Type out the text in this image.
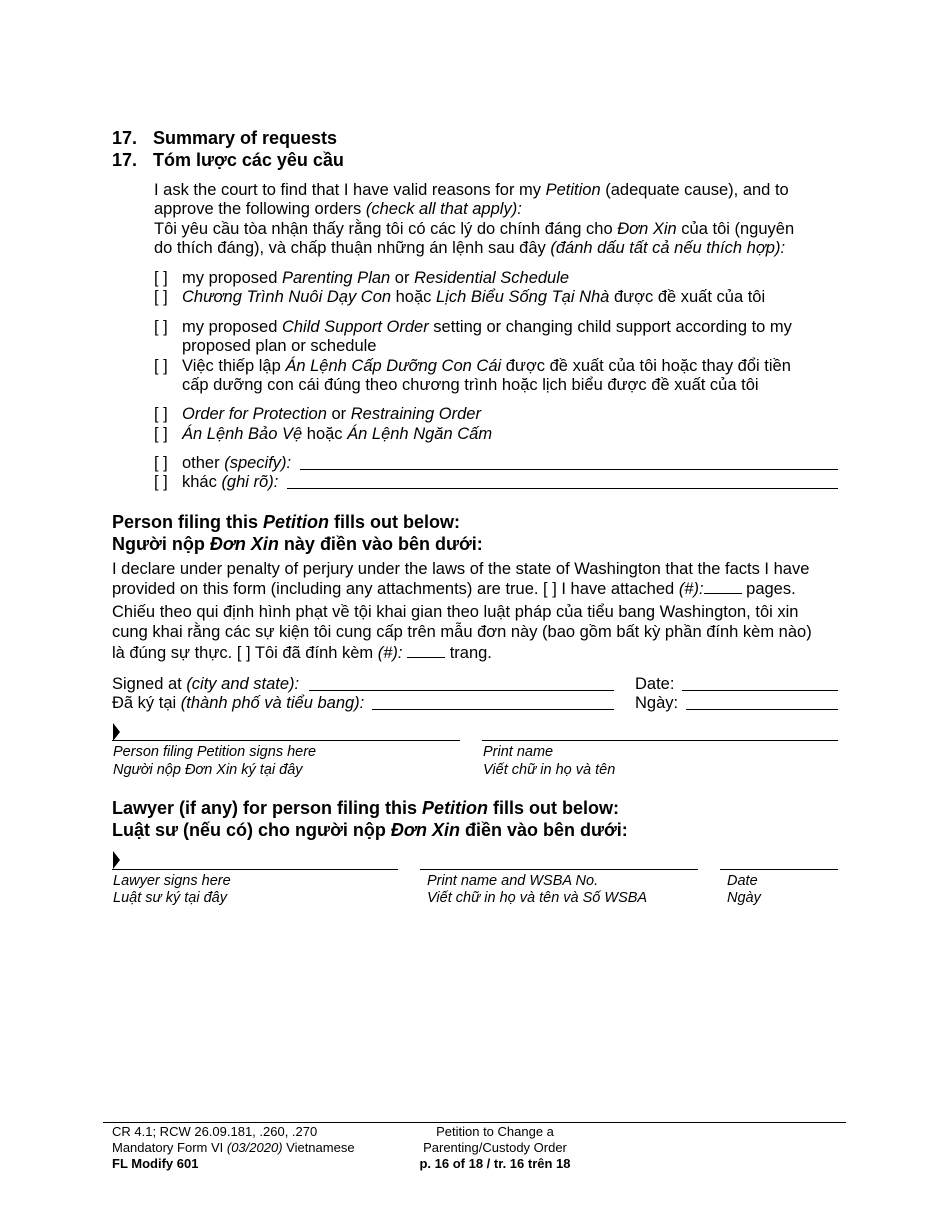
17. Summary of requests
17. Tóm lược các yêu cầu
I ask the court to find that I have valid reasons for my Petition (adequate cause), and to
approve the following orders (check all that apply):
Tôi yêu cầu tòa nhận thấy rằng tôi có các lý do chính đáng cho Đơn Xin của tôi (nguyên
do thích đáng), và chấp thuận những án lệnh sau đây (đánh dấu tất cả nếu thích hợp):
[ ] my proposed Parenting Plan or Residential Schedule
[ ] Chương Trình Nuôi Dạy Con hoặc Lịch Biểu Sống Tại Nhà được đề xuất của tôi
[ ] my proposed Child Support Order setting or changing child support according to my
proposed plan or schedule
[ ] Việc thiếp lập Án Lệnh Cấp Dưỡng Con Cái được đề xuất của tôi hoặc thay đổi tiền
cấp dưỡng con cái đúng theo chương trình hoặc lịch biểu được đề xuất của tôi
[ ] Order for Protection or Restraining Order
[ ] Án Lệnh Bảo Vệ hoặc Án Lệnh Ngăn Cấm
[ ] other (specify):
[ ] khác (ghi rõ):
Person filing this Petition fills out below:
Người nộp Đơn Xin này điền vào bên dưới:
I declare under penalty of perjury under the laws of the state of Washington that the facts I have
provided on this form (including any attachments) are true. [ ] I have attached (#): pages.
Chiếu theo qui định hình phạt về tội khai gian theo luật pháp của tiểu bang Washington, tôi xin
cung khai rằng các sự kiện tôi cung cấp trên mẫu đơn này (bao gồm bất kỳ phần đính kèm nào)
là đúng sự thực. [ ] Tôi đã đính kèm (#):	trang.
Signed at (city and state):
Đã ký tại (thành phố và tiểu bang):
Date:
Ngày:
Person filing Petition signs here
Người nộp Đơn Xin ký tại đây
Print name
Viết chữ in họ và tên
Lawyer (if any) for person filing this Petition fills out below:
Luật sư (nếu có) cho người nộp Đơn Xin điền vào bên dưới:
Lawyer signs here
Luật sư ký tại đây
Print name and WSBA No.
Viết chữ in họ và tên và Số WSBA
Date
Ngày
CR 4.1; RCW 26.09.181, .260, .270
Mandatory Form VI (03/2020) Vietnamese
FL Modify 601
Petition to Change a
Parenting/Custody Order
p. 16 of 18 / tr. 16 trên 18
